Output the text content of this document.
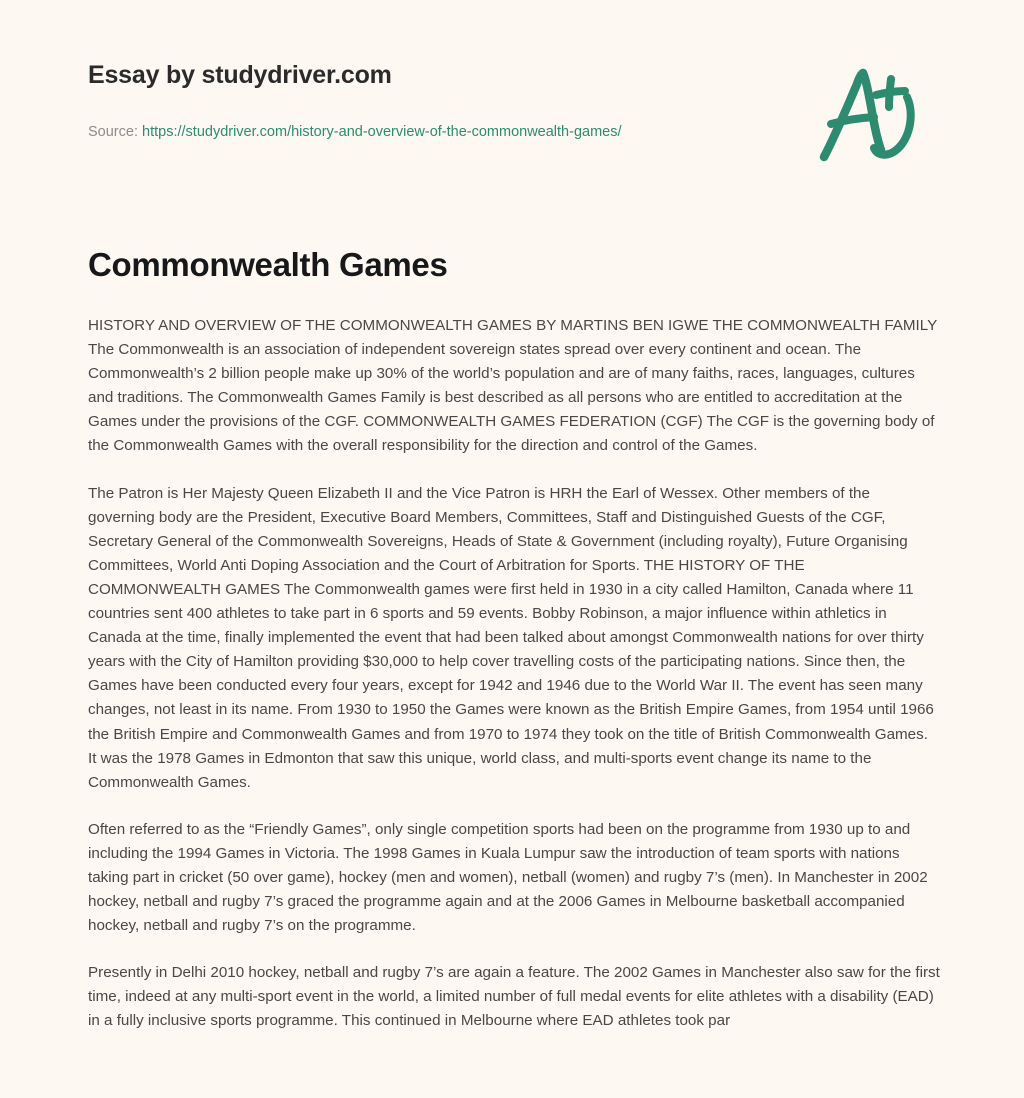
Essay by studydriver.com
Source: https://studydriver.com/history-and-overview-of-the-commonwealth-games/
Commonwealth Games

HISTORY AND OVERVIEW OF THE COMMONWEALTH GAMES BY MARTINS BEN IGWE THE COMMONWEALTH FAMILY The Commonwealth is an association of independent sovereign states spread over every continent and ocean. The Commonwealth’s 2 billion people make up 30% of the world’s population and are of many faiths, races, languages, cultures and traditions. The Commonwealth Games Family is best described as all persons who are entitled to accreditation at the Games under the provisions of the CGF. COMMONWEALTH GAMES FEDERATION (CGF) The CGF is the governing body of the Commonwealth Games with the overall responsibility for the direction and control of the Games.

The Patron is Her Majesty Queen Elizabeth II and the Vice Patron is HRH the Earl of Wessex. Other members of the governing body are the President, Executive Board Members, Committees, Staff and Distinguished Guests of the CGF, Secretary General of the Commonwealth Sovereigns, Heads of State & Government (including royalty), Future Organising Committees, World Anti Doping Association and the Court of Arbitration for Sports. THE HISTORY OF THE COMMONWEALTH GAMES The Commonwealth games were first held in 1930 in a city called Hamilton, Canada where 11 countries sent 400 athletes to take part in 6 sports and 59 events. Bobby Robinson, a major influence within athletics in Canada at the time, finally implemented the event that had been talked about amongst Commonwealth nations for over thirty years with the City of Hamilton providing $30,000 to help cover travelling costs of the participating nations. Since then, the Games have been conducted every four years, except for 1942 and 1946 due to the World War II. The event has seen many changes, not least in its name. From 1930 to 1950 the Games were known as the British Empire Games, from 1954 until 1966 the British Empire and Commonwealth Games and from 1970 to 1974 they took on the title of British Commonwealth Games. It was the 1978 Games in Edmonton that saw this unique, world class, and multi-sports event change its name to the Commonwealth Games.

Often referred to as the “Friendly Games”, only single competition sports had been on the programme from 1930 up to and including the 1994 Games in Victoria. The 1998 Games in Kuala Lumpur saw the introduction of team sports with nations taking part in cricket (50 over game), hockey (men and women), netball (women) and rugby 7’s (men). In Manchester in 2002 hockey, netball and rugby 7’s graced the programme again and at the 2006 Games in Melbourne basketball accompanied hockey, netball and rugby 7’s on the programme.

Presently in Delhi 2010 hockey, netball and rugby 7’s are again a feature. The 2002 Games in Manchester also saw for the first time, indeed at any multi-sport event in the world, a limited number of full medal events for elite athletes with a disability (EAD) in a fully inclusive sports programme. This continued in Melbourne where EAD athletes took par
